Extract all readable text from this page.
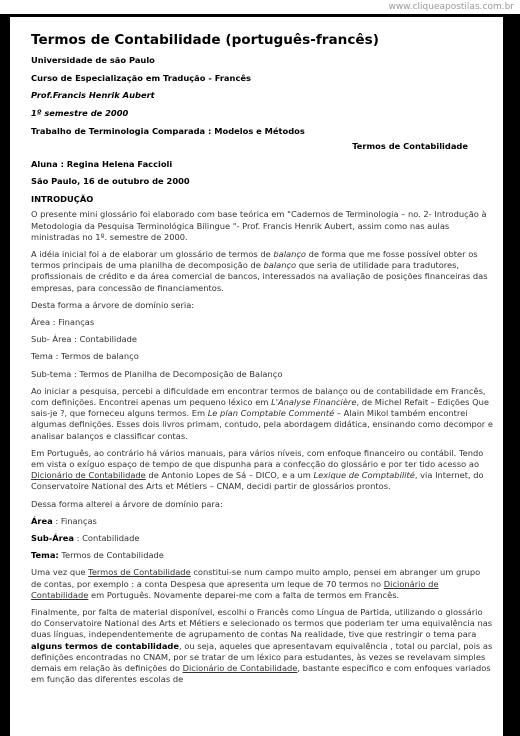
www.cliqueapostilas.com.br
Termos de Contabilidade (português-francês)
Universidade de são Paulo
Curso de Especialização em Tradução - Francês
Prof.Francis Henrik Aubert
1º semestre de 2000
Trabalho de Terminologia Comparada : Modelos e Métodos
Termos de Contabilidade
Aluna : Regina Helena Faccioli
São Paulo, 16 de outubro de 2000
INTRODUÇÃO
O presente mini glossário foi elaborado com base teórica em "Cadernos de Terminologia – no. 2- Introdução à Metodologia da Pesquisa Terminológica Bilingue "- Prof. Francis Henrik Aubert, assim como nas aulas ministradas no 1º. semestre de 2000.
A idéia inicial foi a de elaborar um glossário de termos de balanço de forma que me fosse possível obter os termos principais de uma planilha de decomposição de balanço que seria de utilidade para tradutores, profissionais de crédito e da área comercial de bancos, interessados na avaliação de posições financeiras das empresas, para concessão de financiamentos.
Desta forma a árvore de domínio seria:
Área : Finanças
Sub- Área : Contabilidade
Tema : Termos de balanço
Sub-tema : Termos de Planilha de Decomposição de Balanço
Ao iniciar a pesquisa, percebi a dificuldade em encontrar termos de balanço ou de contabilidade em Francês, com definições. Encontrei apenas um pequeno léxico em L'Analyse Financière, de Michel Refait – Edições Que sais-je ?, que forneceu alguns termos. Em Le plan Comptable Commenté – Alain Mikol também encontrei algumas definições. Esses dois livros primam, contudo, pela abordagem didática, ensinando como decompor e analisar balanços e classificar contas.
Em Português, ao contrário há vários manuais, para vários níveis, com enfoque financeiro ou contábil. Tendo em vista o exíguo espaço de tempo de que dispunha para a confecção do glossário e por ter tido acesso ao Dicionário de Contabilidade de Antonio Lopes de Sá – DICO, e a um Lexique de Comptabilité, via Internet, do Conservatoire National des Arts et Métiers – CNAM, decidi partir de glossários prontos.
Dessa forma alterei a árvore de domínio para:
Área : Finanças
Sub-Área : Contabilidade
Tema: Termos de Contabilidade
Uma vez que Termos de Contabilidade constitui-se num campo muito amplo, pensei em abranger um grupo de contas, por exemplo : a conta Despesa que apresenta um leque de 70 termos no Dicionário de Contabilidade em Português. Novamente deparei-me com a falta de termos em Francês.
Finalmente, por falta de material disponível, escolhi o Francês como Língua de Partida, utilizando o glossário do Conservatoire National des Arts et Métiers e selecionado os termos que poderiam ter uma equivalência nas duas línguas, independentemente de agrupamento de contas Na realidade, tive que restringir o tema para alguns termos de contabilidade, ou seja, aqueles que apresentavam equivalência , total ou parcial, pois as definições encontradas no CNAM, por se tratar de um léxico para estudantes, às vezes se revelavam simples demais em relação às definições do Dicionário de Contabilidade, bastante específico e com enfoques variados em função das diferentes escolas de
